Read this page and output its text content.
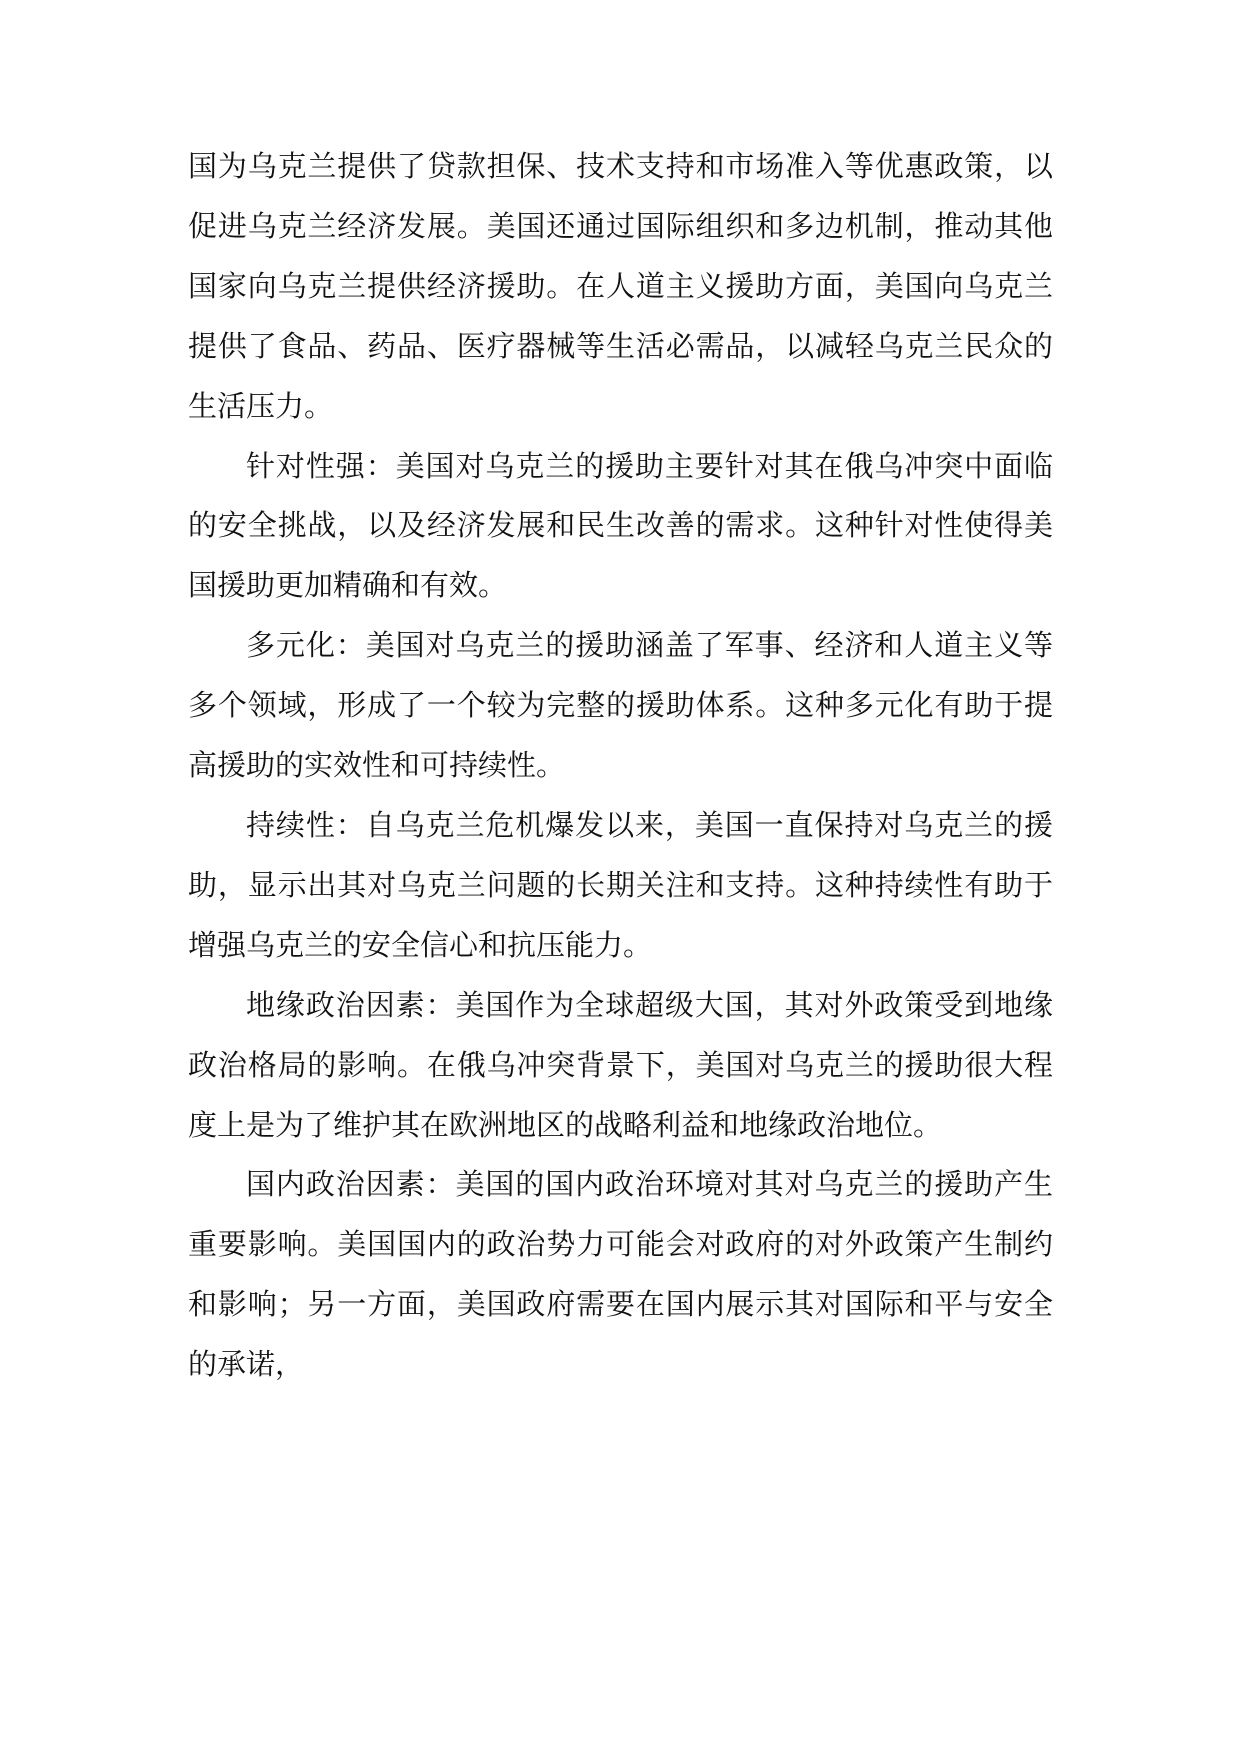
国为乌克兰提供了贷款担保、技术支持和市场准入等优惠政策，以促进乌克兰经济发展。美国还通过国际组织和多边机制，推动其他国家向乌克兰提供经济援助。在人道主义援助方面，美国向乌克兰提供了食品、药品、医疗器械等生活必需品，以减轻乌克兰民众的生活压力。

针对性强：美国对乌克兰的援助主要针对其在俄乌冲突中面临的安全挑战，以及经济发展和民生改善的需求。这种针对性使得美国援助更加精确和有效。

多元化：美国对乌克兰的援助涵盖了军事、经济和人道主义等多个领域，形成了一个较为完整的援助体系。这种多元化有助于提高援助的实效性和可持续性。

持续性：自乌克兰危机爆发以来，美国一直保持对乌克兰的援助，显示出其对乌克兰问题的长期关注和支持。这种持续性有助于增强乌克兰的安全信心和抗压能力。

地缘政治因素：美国作为全球超级大国，其对外政策受到地缘政治格局的影响。在俄乌冲突背景下，美国对乌克兰的援助很大程度上是为了维护其在欧洲地区的战略利益和地缘政治地位。

国内政治因素：美国的国内政治环境对其对乌克兰的援助产生重要影响。美国国内的政治势力可能会对政府的对外政策产生制约和影响；另一方面，美国政府需要在国内展示其对国际和平与安全的承诺，
